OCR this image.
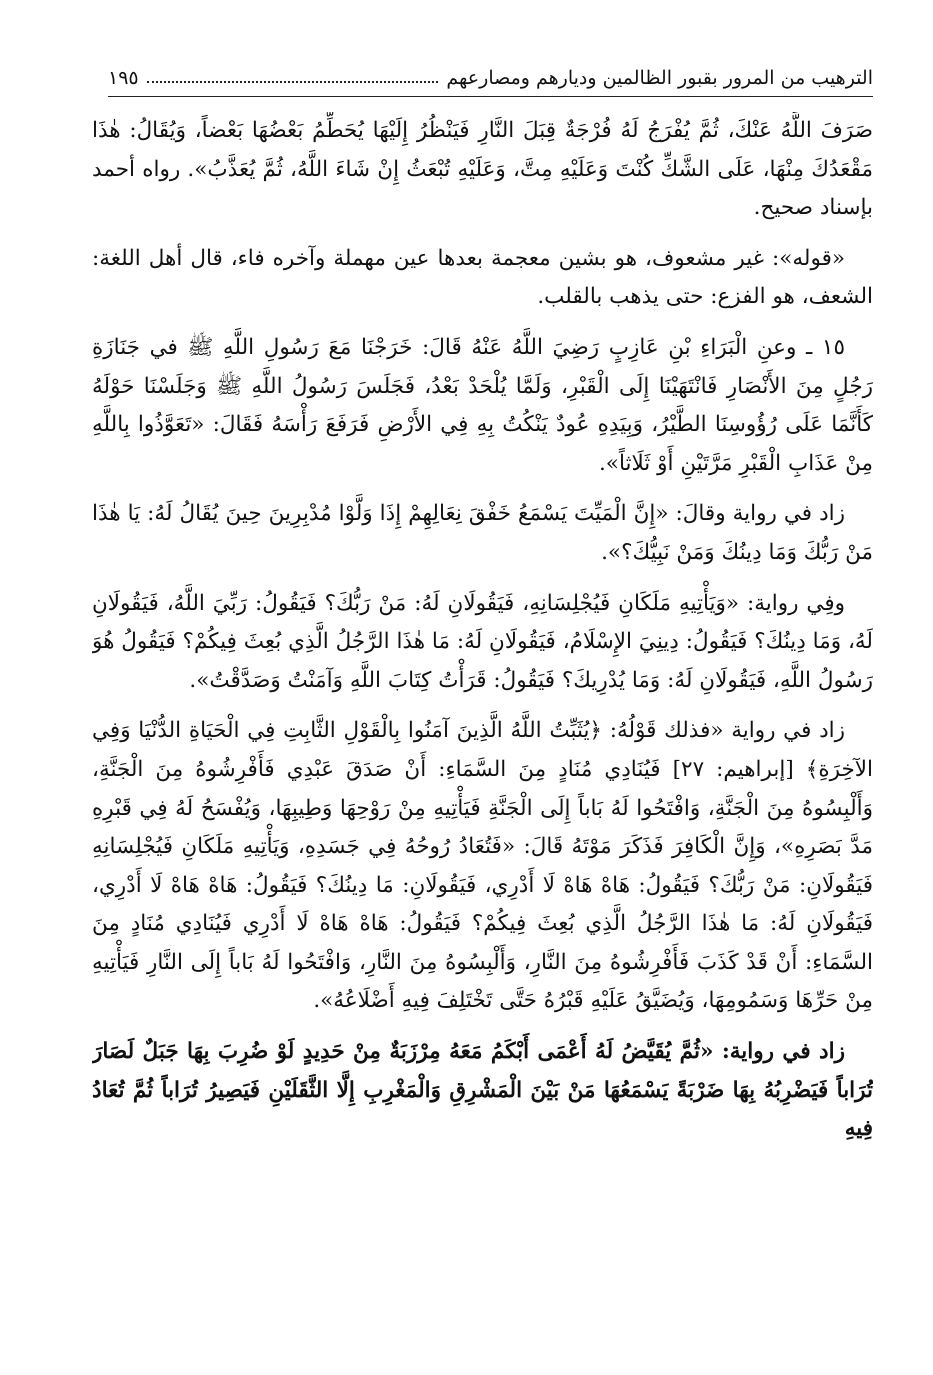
الترهيب من المرور بقبور الظالمين وديارهم ومصارعهم
١٩٥

صَرَفَ اللَّهُ عَنْكَ، ثُمَّ يُفْرَجُ لَهُ فُرْجَةٌ قِبَلَ النَّارِ فَيَنْظُرُ إِلَيْهَا يُحَطِّمُ بَعْضُهَا بَعْضاً، وَيُقَالُ: هٰذَا مَقْعَدُكَ مِنْهَا، عَلَى الشَّكِّ كُنْتَ وَعَلَيْهِ مِتَّ، وَعَلَيْهِ تُبْعَثُ إِنْ شَاءَ اللَّهُ، ثُمَّ يُعَذَّبُ». رواه أحمد بإسناد صحيح.

«قوله»: غير مشعوف، هو بشين معجمة بعدها عين مهملة وآخره فاء، قال أهل اللغة: الشعف، هو الفزع: حتى يذهب بالقلب.

١٥ ـ وعنِ الْبَرَاءِ بْنِ عَازِبٍ رَضِيَ اللَّهُ عَنْهُ قَالَ: خَرَجْنَا مَعَ رَسُولِ اللَّهِ ﷺ في جَنَازَةِ رَجُلٍ مِنَ الأَنْصَارِ فَانْتَهَيْنَا إِلَى الْقَبْرِ، وَلَمَّا يُلْحَدْ بَعْدُ، فَجَلَسَ رَسُولُ اللَّهِ ﷺ وَجَلَسْنَا حَوْلَهُ كَأَنَّمَا عَلَى رُؤُوسِنَا الطَّيْرُ، وَبِيَدِهِ عُودٌ يَنْكُتُ بِهِ فِي الأَرْضِ فَرَفَعَ رَأْسَهُ فَقَالَ: «تَعَوَّذُوا بِاللَّهِ مِنْ عَذَابِ الْقَبْرِ مَرَّتَيْنِ أَوْ ثَلَاثاً».

زاد في رواية وقالَ: «إِنَّ الْمَيِّتَ يَسْمَعُ خَفْقَ نِعَالِهِمْ إِذَا وَلَّوْا مُدْبِرِينَ حِينَ يُقَالُ لَهُ: يَا هٰذَا مَنْ رَبُّكَ وَمَا دِينُكَ وَمَنْ نَبِيُّكَ؟».

وفِي رواية: «وَيَأْتِيهِ مَلَكَانِ فَيُجْلِسَانِهِ، فَيَقُولَانِ لَهُ: مَنْ رَبُّكَ؟ فَيَقُولُ: رَبِّيَ اللَّهُ، فَيَقُولَانِ لَهُ، وَمَا دِينُكَ؟ فَيَقُولُ: دِينِيَ الإِسْلَامُ، فَيَقُولَانِ لَهُ: مَا هٰذَا الرَّجُلُ الَّذِي بُعِثَ فِيكُمْ؟ فَيَقُولُ هُوَ رَسُولُ اللَّهِ، فَيَقُولَانِ لَهُ: وَمَا يُدْرِيكَ؟ فَيَقُولُ: قَرَأْتُ كِتَابَ اللَّهِ وَآمَنْتُ وَصَدَّقْتُ».

زاد في رواية «فذلك قَوْلُهُ: ﴿يُثَبِّتُ اللَّهُ الَّذِينَ آمَنُوا بِالْقَوْلِ الثَّابِتِ فِي الْحَيَاةِ الدُّنْيَا وَفِي الآخِرَةِ﴾ [إبراهيم: ٢٧] فَيُنَادِي مُنَادٍ مِنَ السَّمَاءِ: أَنْ صَدَقَ عَبْدِي فَأَفْرِشُوهُ مِنَ الْجَنَّةِ، وَأَلْبِسُوهُ مِنَ الْجَنَّةِ، وَافْتَحُوا لَهُ بَاباً إِلَى الْجَنَّةِ فَيَأْتِيهِ مِنْ رَوْحِهَا وَطِيبِهَا، وَيُفْسَحُ لَهُ فِي قَبْرِهِ مَدَّ بَصَرِهِ»، وَإِنَّ الْكَافِرَ فَذَكَرَ مَوْتَهُ قَالَ: «فَتُعَادُ رُوحُهُ فِي جَسَدِهِ، وَيَأْتِيهِ مَلَكَانِ فَيُجْلِسَانِهِ فَيَقُولَانِ: مَنْ رَبُّكَ؟ فَيَقُولُ: هَاهْ هَاهْ لَا أَدْرِي، فَيَقُولَانِ: مَا دِينُكَ؟ فَيَقُولُ: هَاهْ هَاهْ لَا أَدْرِي، فَيَقُولَانِ لَهُ: مَا هٰذَا الرَّجُلُ الَّذِي بُعِثَ فِيكُمْ؟ فَيَقُولُ: هَاهْ هَاهْ لَا أَدْرِي فَيُنَادِي مُنَادٍ مِنَ السَّمَاءِ: أَنْ قَدْ كَذَبَ فَأَفْرِشُوهُ مِنَ النَّارِ، وَأَلْبِسُوهُ مِنَ النَّارِ، وَافْتَحُوا لَهُ بَاباً إِلَى النَّارِ فَيَأْتِيهِ مِنْ حَرِّهَا وَسَمُومِهَا، وَيُضَيَّقُ عَلَيْهِ قَبْرُهُ حَتَّى تَخْتَلِفَ فِيهِ أَضْلَاعُهُ».

زاد في رواية: «ثُمَّ يُقَيَّضُ لَهُ أَعْمَى أَبْكَمُ مَعَهُ مِرْزَبَةٌ مِنْ حَدِيدٍ لَوْ ضُرِبَ بِهَا جَبَلٌ لَصَارَ تُرَاباً فَيَضْرِبُهُ بِهَا ضَرْبَةً يَسْمَعُهَا مَنْ بَيْنَ الْمَشْرِقِ وَالْمَغْرِبِ إِلَّا الثَّقَلَيْنِ فَيَصِيرُ تُرَاباً ثُمَّ تُعَادُ فِيهِ
